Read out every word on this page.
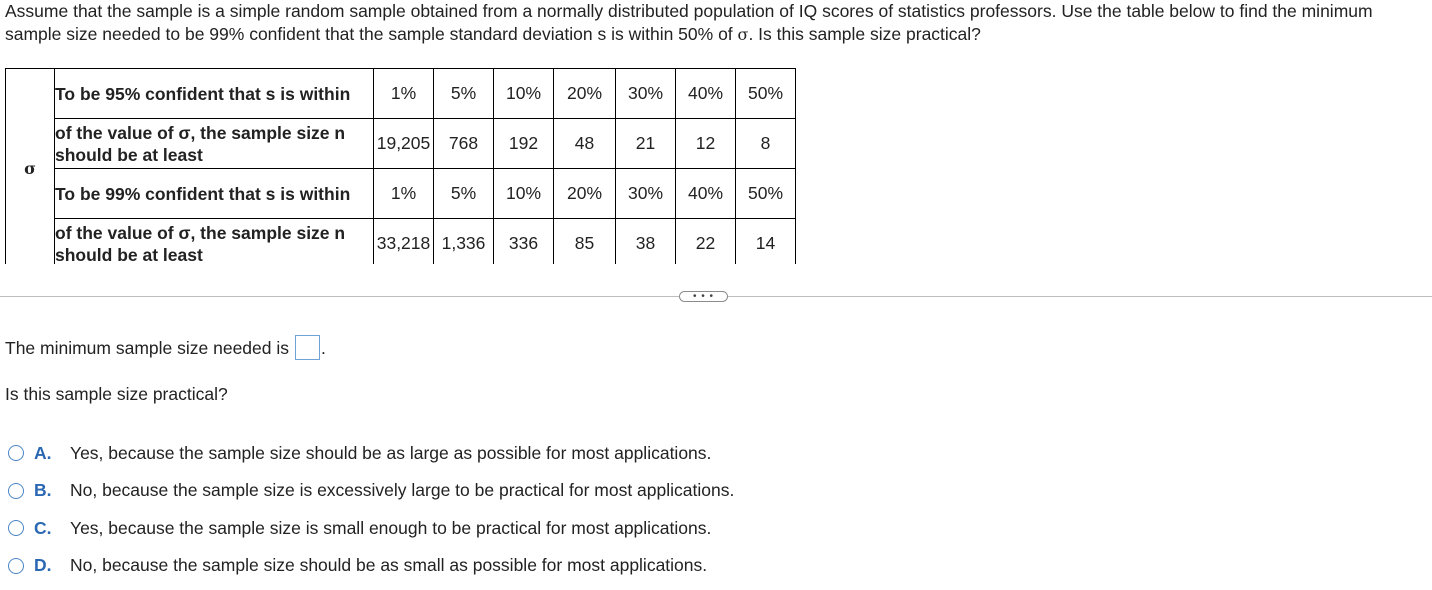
Assume that the sample is a simple random sample obtained from a normally distributed population of IQ scores of statistics professors. Use the table below to find the minimum sample size needed to be 99% confident that the sample standard deviation s is within 50% of σ. Is this sample size practical?
σ	To be 95% confident that s is within	1%	5%	10%	20%	30%	40%	50%
	of the value of σ, the sample size n should be at least	19,205	768	192	48	21	12	8
	To be 99% confident that s is within	1%	5%	10%	20%	30%	40%	50%
	of the value of σ, the sample size n should be at least	33,218	1,336	336	85	38	22	14
• • •
The minimum sample size needed is .
Is this sample size practical?
A.	Yes, because the sample size should be as large as possible for most applications.
B.	No, because the sample size is excessively large to be practical for most applications.
C.	Yes, because the sample size is small enough to be practical for most applications.
D.	No, because the sample size should be as small as possible for most applications.
